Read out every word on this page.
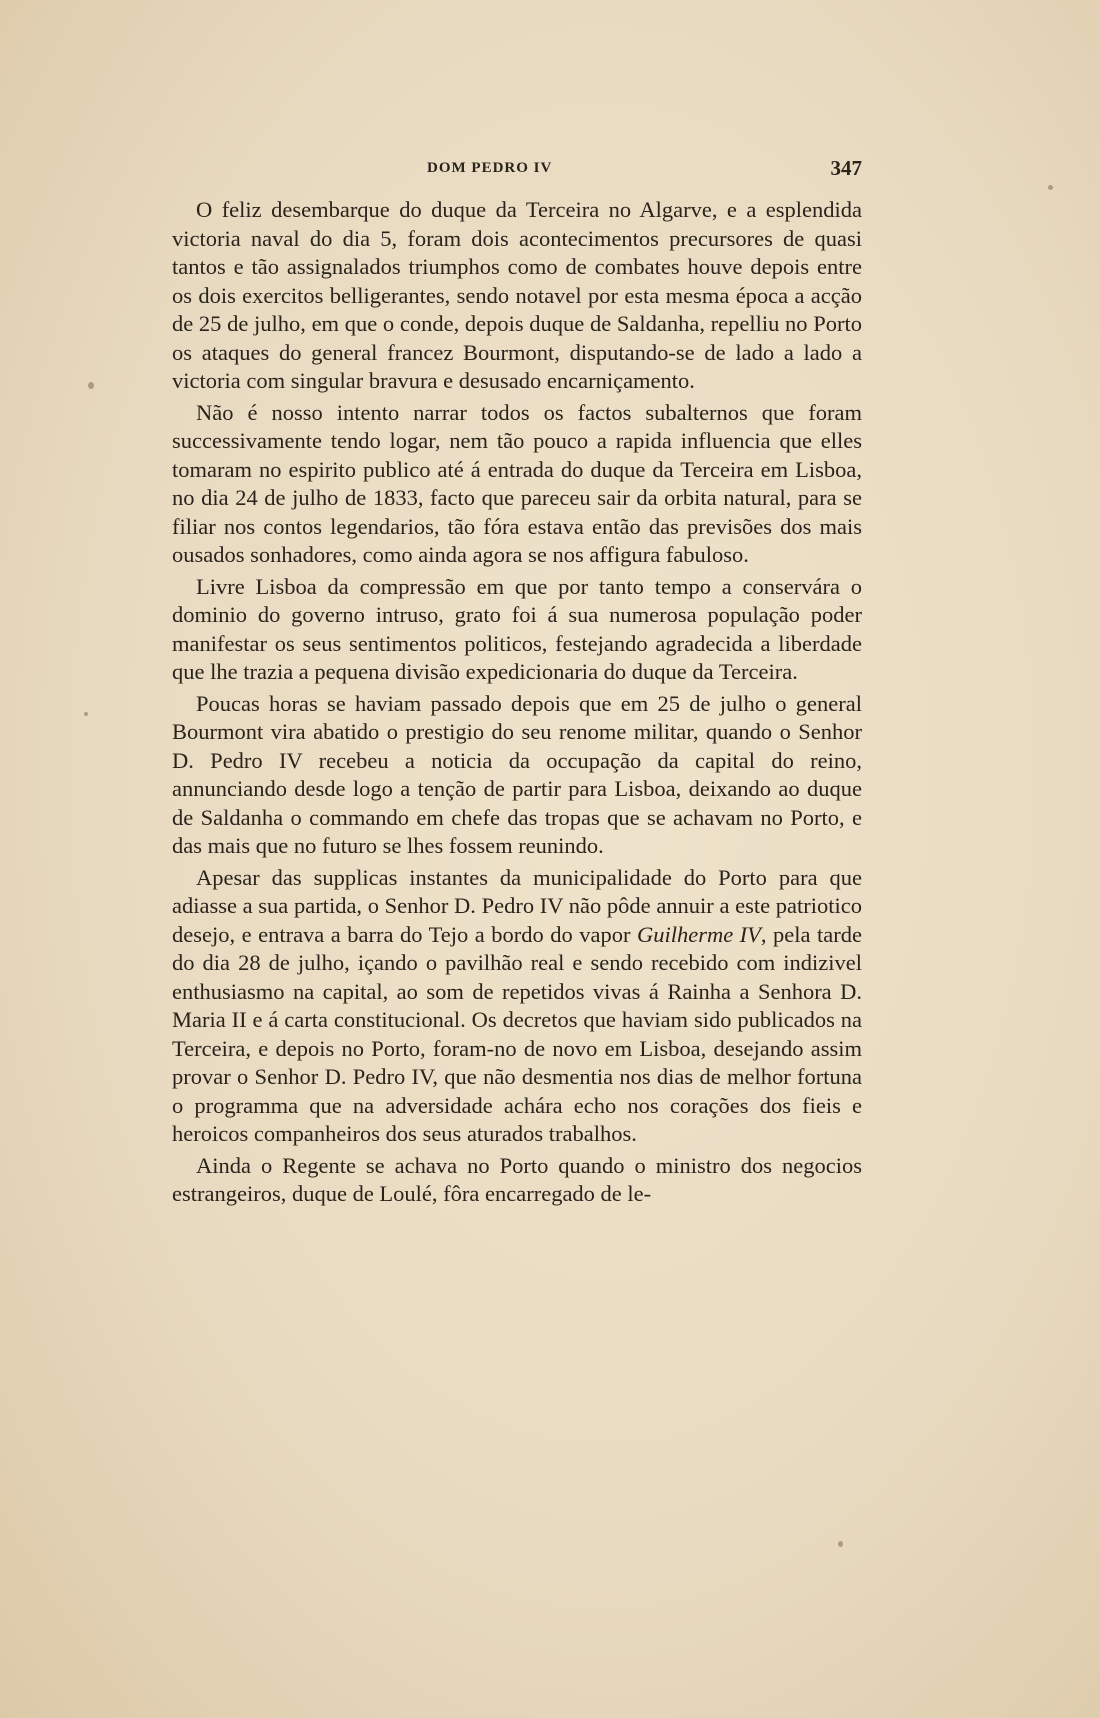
DOM PEDRO IV	347

O feliz desembarque do duque da Terceira no Algarve, e a esplendida victoria naval do dia 5, foram dois acontecimentos precursores de quasi tantos e tão assignalados triumphos como de combates houve depois entre os dois exercitos belligerantes, sendo notavel por esta mesma época a acção de 25 de julho, em que o conde, depois duque de Saldanha, repelliu no Porto os ataques do general francez Bourmont, disputando-se de lado a lado a victoria com singular bravura e desusado encarniçamento.

Não é nosso intento narrar todos os factos subalternos que foram successivamente tendo logar, nem tão pouco a rapida influencia que elles tomaram no espirito publico até á entrada do duque da Terceira em Lisboa, no dia 24 de julho de 1833, facto que pareceu sair da orbita natural, para se filiar nos contos legendarios, tão fóra estava então das previsões dos mais ousados sonhadores, como ainda agora se nos affigura fabuloso.

Livre Lisboa da compressão em que por tanto tempo a conservára o dominio do governo intruso, grato foi á sua numerosa população poder manifestar os seus sentimentos politicos, festejando agradecida a liberdade que lhe trazia a pequena divisão expedicionaria do duque da Terceira.

Poucas horas se haviam passado depois que em 25 de julho o general Bourmont vira abatido o prestigio do seu renome militar, quando o Senhor D. Pedro IV recebeu a noticia da occupação da capital do reino, annunciando desde logo a tenção de partir para Lisboa, deixando ao duque de Saldanha o commando em chefe das tropas que se achavam no Porto, e das mais que no futuro se lhes fossem reunindo.

Apesar das supplicas instantes da municipalidade do Porto para que adiasse a sua partida, o Senhor D. Pedro IV não pôde annuir a este patriotico desejo, e entrava a barra do Tejo a bordo do vapor Guilherme IV, pela tarde do dia 28 de julho, içando o pavilhão real e sendo recebido com indizivel enthusiasmo na capital, ao som de repetidos vivas á Rainha a Senhora D. Maria II e á carta constitucional. Os decretos que haviam sido publicados na Terceira, e depois no Porto, foram-no de novo em Lisboa, desejando assim provar o Senhor D. Pedro IV, que não desmentia nos dias de melhor fortuna o programma que na adversidade achára echo nos corações dos fieis e heroicos companheiros dos seus aturados trabalhos.

Ainda o Regente se achava no Porto quando o ministro dos negocios estrangeiros, duque de Loulé, fôra encarregado de le-
